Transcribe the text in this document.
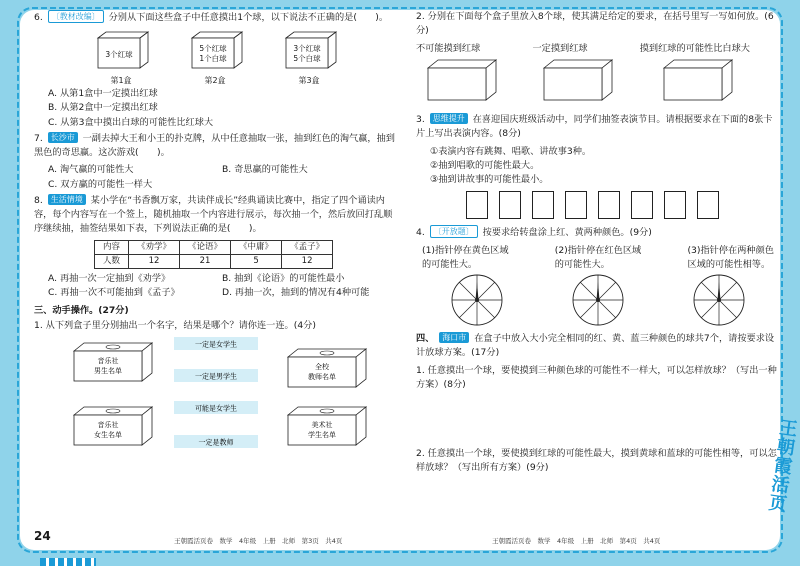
6. 〔教材改编〕 分别从下面这些盒子中任意摸出1个球，以下说法不正确的是(　　)。
3个红球
第1盒
5个红球
1个白球
第2盒
3个红球
5个白球
第3盒
A. 从第1盒中一定摸出红球
B. 从第2盒中一定摸出红球
C. 从第3盒中摸出白球的可能性比红球大
7. 长沙市 一副去掉大王和小王的扑克牌，从中任意抽取一张，抽到红色的淘气赢，抽到黑色的奇思赢。这次游戏(　　)。
A. 淘气赢的可能性大	B. 奇思赢的可能性大
C. 双方赢的可能性一样大
8. 生活情境 某小学在“书香飘万家，共读伴成长”经典诵读比赛中，指定了四个诵读内容，每个内容写在一个签上，随机抽取一个内容进行展示，每次抽一个，然后放回打乱顺序继续抽，抽签结果如下表，下列说法正确的是(　　)。
内容	《劝学》	《论语》	《中庸》	《孟子》
人数	12	21	5	12
A. 再抽一次一定抽到《劝学》	B. 抽到《论语》的可能性最小
C. 再抽一次不可能抽到《孟子》	D. 再抽一次，抽到的情况有4种可能
三、动手操作。(27分)
1. 从下列盒子里分别抽出一个名字，结果是哪个？请你连一连。(4分)
音乐社
男生名单
音乐社
女生名单
一定是女学生
一定是男学生
可能是女学生
一定是教师
全校
教师名单
美术社
学生名单
24	王朝霞活页卷　数学　4年级　上册　北师　第3页　共4页
2. 分别在下面每个盒子里放入8个球，使其满足给定的要求，在括号里写一写如何放。(6分)
不可能摸到红球	一定摸到红球	摸到红球的可能性比白球大
3. 思维提升 在喜迎国庆班级活动中，同学们抽签表演节目。请根据要求在下面的8张卡片上写出表演内容。(8分)
①表演内容有跳舞、唱歌、讲故事3种。
②抽到唱歌的可能性最大。
③抽到讲故事的可能性最小。
4. 〔开放题〕 按要求给转盘涂上红、黄两种颜色。(9分)
(1)指针停在黄色区域
的可能性大。
(2)指针停在红色区域
的可能性大。
(3)指针停在两种颜色
区域的可能性相等。
四、 海口市 在盒子中放入大小完全相同的红、黄、蓝三种颜色的球共7个，请按要求设计放球方案。(17分)
1. 任意摸出一个球，要使摸到三种颜色球的可能性不一样大，可以怎样放球？（写出一种方案）(8分)
2. 任意摸出一个球，要使摸到红球的可能性最大，摸到黄球和蓝球的可能性相等，可以怎样放球？（写出所有方案）(9分)
王朝霞活页卷　数学　4年级　上册　北师　第4页　共4页
王朝霞活页
